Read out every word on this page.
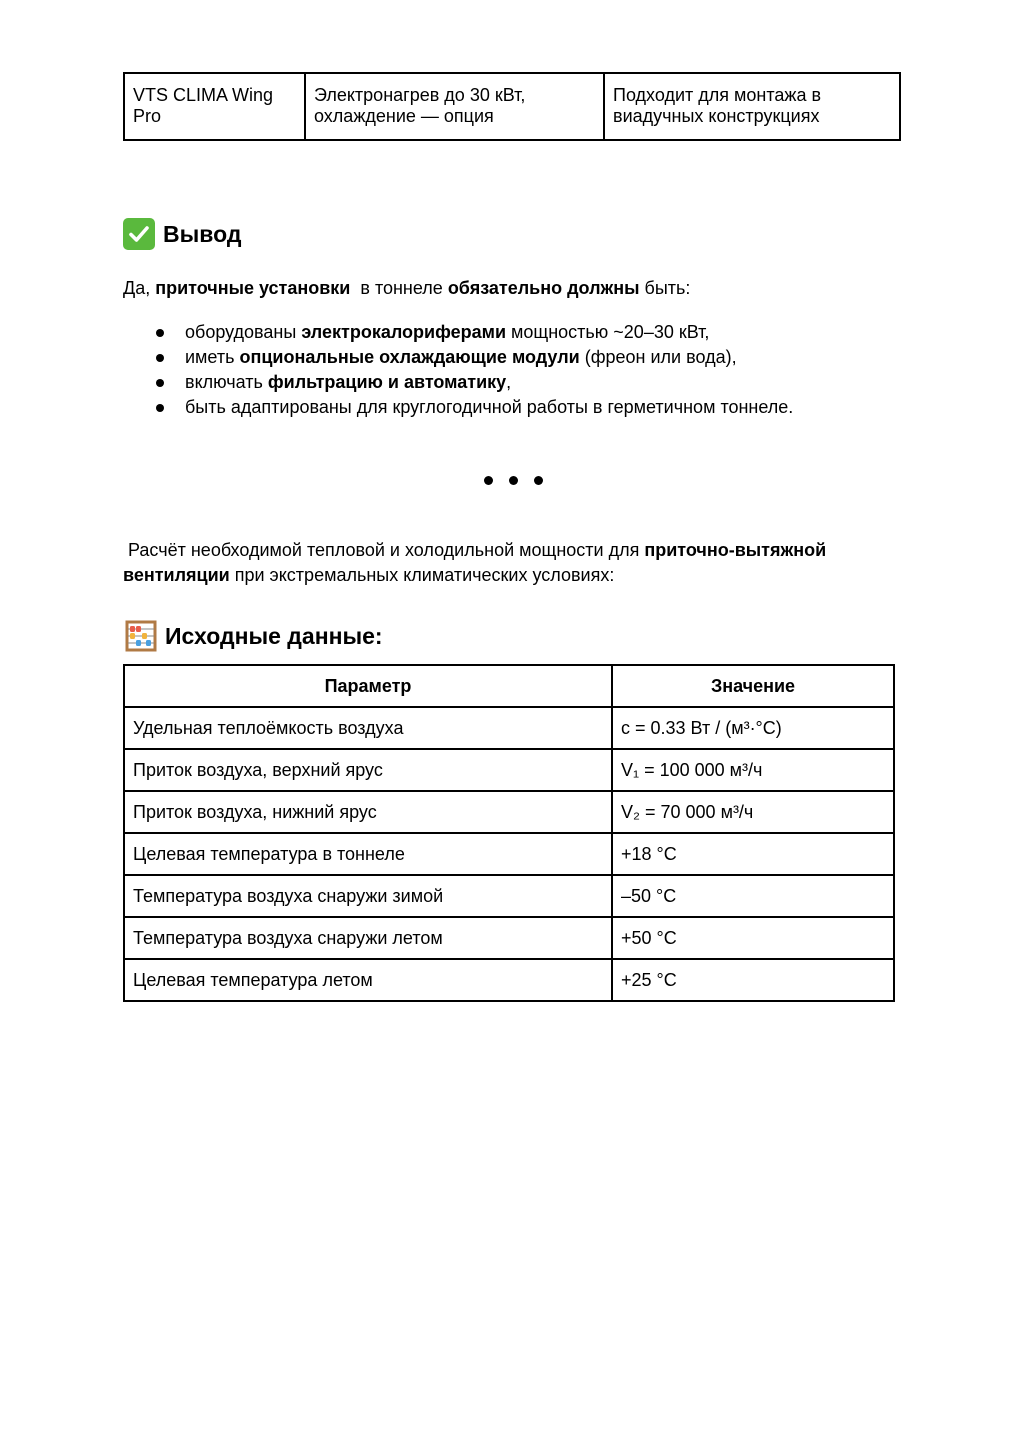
VTS CLIMA Wing Pro	Электронагрев до 30 кВт, охлаждение — опция	Подходит для монтажа в виадучных конструкциях
Вывод

Да, приточные установки  в тоннеле обязательно должны быть:

оборудованы электрокалориферами мощностью ~20–30 кВт,
иметь опциональные охлаждающие модули (фреон или вода),
включать фильтрацию и автоматику,
быть адаптированы для круглогодичной работы в герметичном тоннеле.

Расчёт необходимой тепловой и холодильной мощности для приточно-вытяжной вентиляции при экстремальных климатических условиях:

Исходные данные:
Параметр	Значение
Удельная теплоёмкость воздуха	c = 0.33 Вт / (м³·°C)
Приток воздуха, верхний ярус	V₁ = 100 000 м³/ч
Приток воздуха, нижний ярус	V₂ = 70 000 м³/ч
Целевая температура в тоннеле	+18 °C
Температура воздуха снаружи зимой	–50 °C
Температура воздуха снаружи летом	+50 °C
Целевая температура летом	+25 °C
